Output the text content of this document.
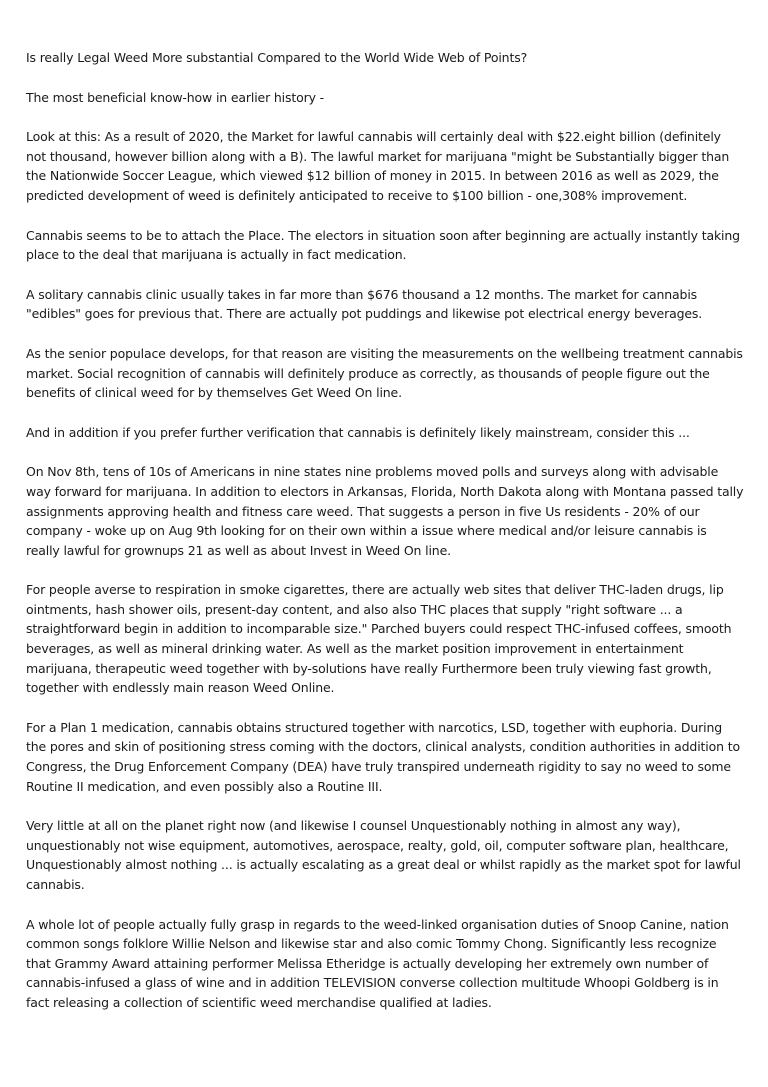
Is really Legal Weed More substantial Compared to the World Wide Web of Points?

The most beneficial know-how in earlier history -

Look at this: As a result of 2020, the Market for lawful cannabis will certainly deal with $22.eight billion (definitely not thousand, however billion along with a B). The lawful market for marijuana "might be Substantially bigger than the Nationwide Soccer League, which viewed $12 billion of money in 2015. In between 2016 as well as 2029, the predicted development of weed is definitely anticipated to receive to $100 billion - one,308% improvement.

Cannabis seems to be to attach the Place. The electors in situation soon after beginning are actually instantly taking place to the deal that marijuana is actually in fact medication.

A solitary cannabis clinic usually takes in far more than $676 thousand a 12 months. The market for cannabis "edibles" goes for previous that. There are actually pot puddings and likewise pot electrical energy beverages.

As the senior populace develops, for that reason are visiting the measurements on the wellbeing treatment cannabis market. Social recognition of cannabis will definitely produce as correctly, as thousands of people figure out the benefits of clinical weed for by themselves Get Weed On line.

And in addition if you prefer further verification that cannabis is definitely likely mainstream, consider this ...

On Nov 8th, tens of 10s of Americans in nine states nine problems moved polls and surveys along with advisable way forward for marijuana. In addition to electors in Arkansas, Florida, North Dakota along with Montana passed tally assignments approving health and fitness care weed. That suggests a person in five Us residents - 20% of our company - woke up on Aug 9th looking for on their own within a issue where medical and/or leisure cannabis is really lawful for grownups 21 as well as about Invest in Weed On line.

For people averse to respiration in smoke cigarettes, there are actually web sites that deliver THC-laden drugs, lip ointments, hash shower oils, present-day content, and also also THC places that supply "right software ... a straightforward begin in addition to incomparable size." Parched buyers could respect THC-infused coffees, smooth beverages, as well as mineral drinking water. As well as the market position improvement in entertainment marijuana, therapeutic weed together with by-solutions have really Furthermore been truly viewing fast growth, together with endlessly main reason Weed Online.

For a Plan 1 medication, cannabis obtains structured together with narcotics, LSD, together with euphoria. During the pores and skin of positioning stress coming with the doctors, clinical analysts, condition authorities in addition to Congress, the Drug Enforcement Company (DEA) have truly transpired underneath rigidity to say no weed to some Routine II medication, and even possibly also a Routine III.

Very little at all on the planet right now (and likewise I counsel Unquestionably nothing in almost any way), unquestionably not wise equipment, automotives, aerospace, realty, gold, oil, computer software plan, healthcare, Unquestionably almost nothing ... is actually escalating as a great deal or whilst rapidly as the market spot for lawful cannabis.

A whole lot of people actually fully grasp in regards to the weed-linked organisation duties of Snoop Canine, nation common songs folklore Willie Nelson and likewise star and also comic Tommy Chong. Significantly less recognize that Grammy Award attaining performer Melissa Etheridge is actually developing her extremely own number of cannabis-infused a glass of wine and in addition TELEVISION converse collection multitude Whoopi Goldberg is in fact releasing a collection of scientific weed merchandise qualified at ladies.
